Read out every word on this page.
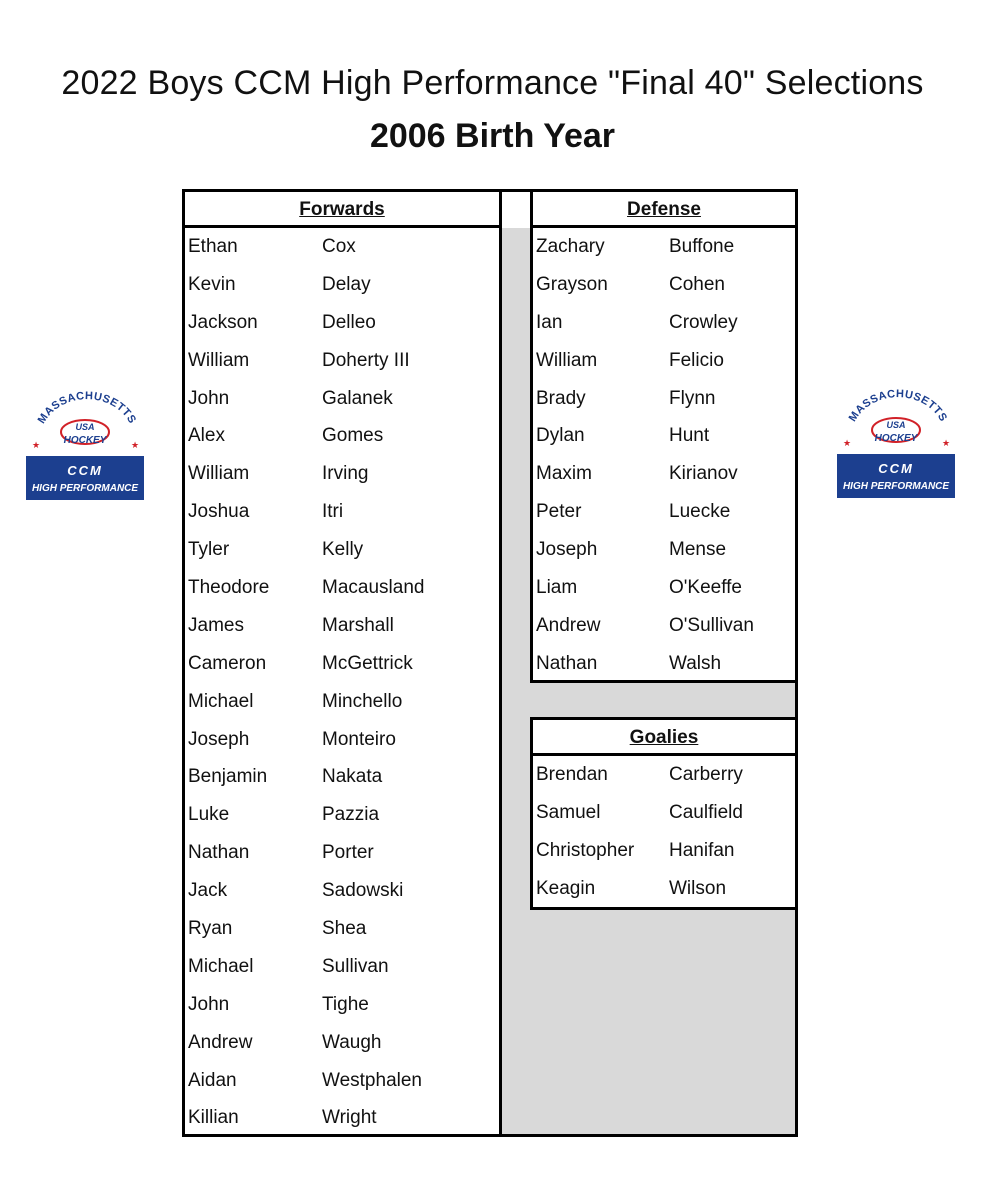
2022 Boys CCM High Performance "Final 40" Selections
2006 Birth Year
MASSACHUSETTS
★	★
USA
HOCKEY
CCM
HIGH PERFORMANCE
MASSACHUSETTS
★	★
USA
HOCKEY
CCM
HIGH PERFORMANCE
Forwards
Ethan	Cox
Kevin	Delay
Jackson	Delleo
William	Doherty III
John	Galanek
Alex	Gomes
William	Irving
Joshua	Itri
Tyler	Kelly
Theodore	Macausland
James	Marshall
Cameron	McGettrick
Michael	Minchello
Joseph	Monteiro
Benjamin	Nakata
Luke	Pazzia
Nathan	Porter
Jack	Sadowski
Ryan	Shea
Michael	Sullivan
John	Tighe
Andrew	Waugh
Aidan	Westphalen
Killian	Wright
Defense
Zachary	Buffone
Grayson	Cohen
Ian	Crowley
William	Felicio
Brady	Flynn
Dylan	Hunt
Maxim	Kirianov
Peter	Luecke
Joseph	Mense
Liam	O'Keeffe
Andrew	O'Sullivan
Nathan	Walsh
Goalies
Brendan	Carberry
Samuel	Caulfield
Christopher Hanifan
Keagin	Wilson
